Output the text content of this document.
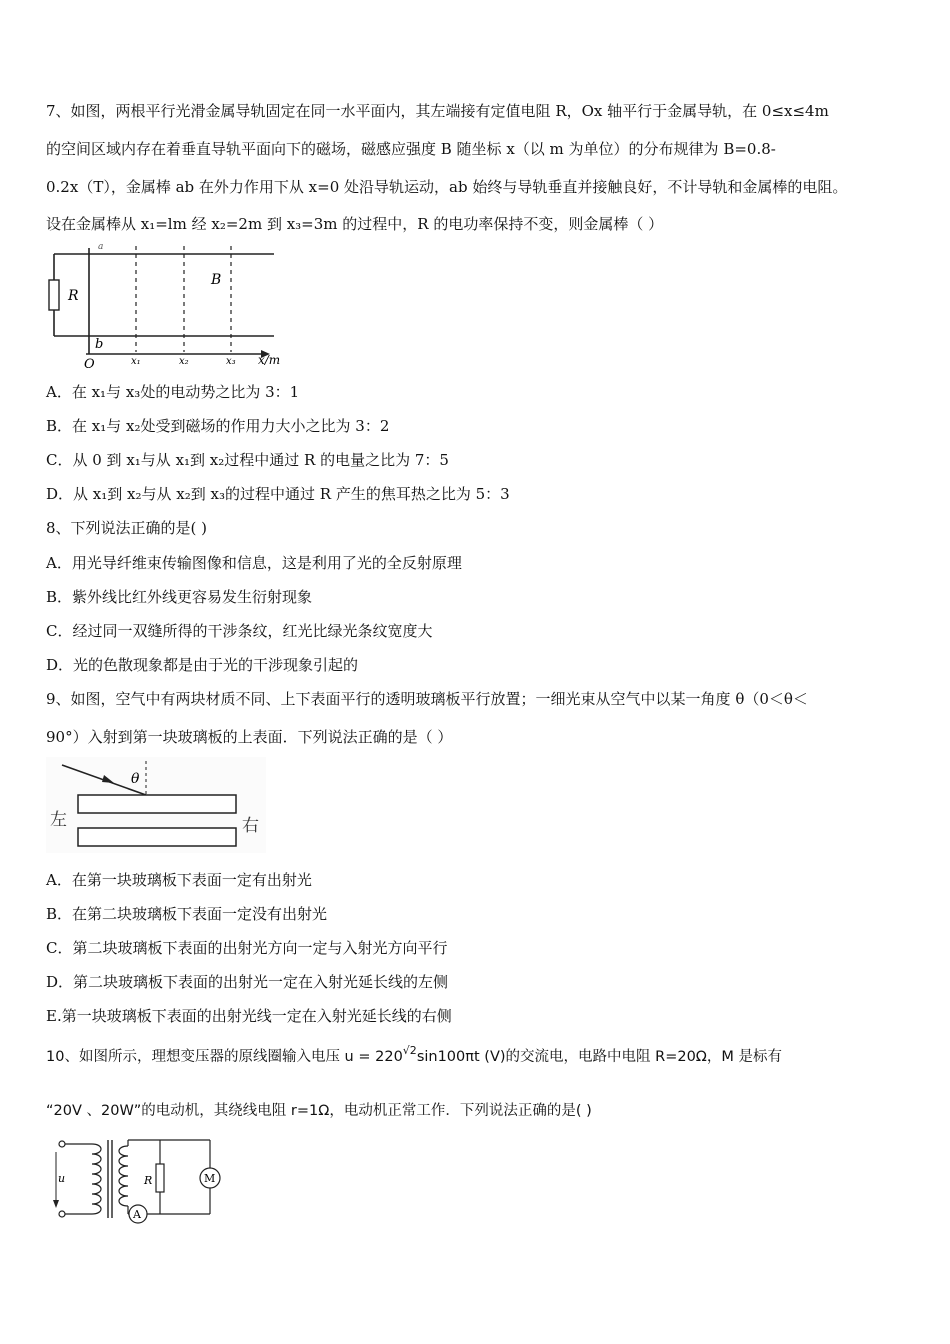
7、如图，两根平行光滑金属导轨固定在同一水平面内，其左端接有定值电阻 R，Ox 轴平行于金属导轨，在 0≤x≤4m
的空间区域内存在着垂直导轨平面向下的磁场，磁感应强度 B 随坐标 x（以 m 为单位）的分布规律为 B=0.8-
0.2x（T），金属棒 ab 在外力作用下从 x=0 处沿导轨运动，ab 始终与导轨垂直并接触良好，不计导轨和金属棒的电阻。
设在金属棒从 x₁=lm 经 x₂=2m 到 x₃=3m 的过程中，R 的电功率保持不变，则金属棒（ ）
R
a
b
B
O	x₁	x₂	x₃ x/m
A．在 x₁与 x₃处的电动势之比为 3：1
B．在 x₁与 x₂处受到磁场的作用力大小之比为 3：2
C．从 0 到 x₁与从 x₁到 x₂过程中通过 R 的电量之比为 7：5
D．从 x₁到 x₂与从 x₂到 x₃的过程中通过 R 产生的焦耳热之比为 5：3
8、下列说法正确的是( )
A．用光导纤维束传输图像和信息，这是利用了光的全反射原理
B．紫外线比红外线更容易发生衍射现象
C．经过同一双缝所得的干涉条纹，红光比绿光条纹宽度大
D．光的色散现象都是由于光的干涉现象引起的
9、如图，空气中有两块材质不同、上下表面平行的透明玻璃板平行放置；一细光束从空气中以某一角度 θ（0＜θ＜
90°）入射到第一块玻璃板的上表面．下列说法正确的是（ ）
θ
左	右
A．在第一块玻璃板下表面一定有出射光
B．在第二块玻璃板下表面一定没有出射光
C．第二块玻璃板下表面的出射光方向一定与入射光方向平行
D．第二块玻璃板下表面的出射光一定在入射光延长线的左侧
E.第一块玻璃板下表面的出射光线一定在入射光延长线的右侧
10、如图所示，理想变压器的原线圈输入电压 $u = 220^{√2}\sin 100\pi t$ (V)的交流电，电路中电阻 R=20Ω，M 是标有
“20V 、20W”的电动机，其绕线电阻 r=1Ω，电动机正常工作．下列说法正确的是( )
u
A
R	M
